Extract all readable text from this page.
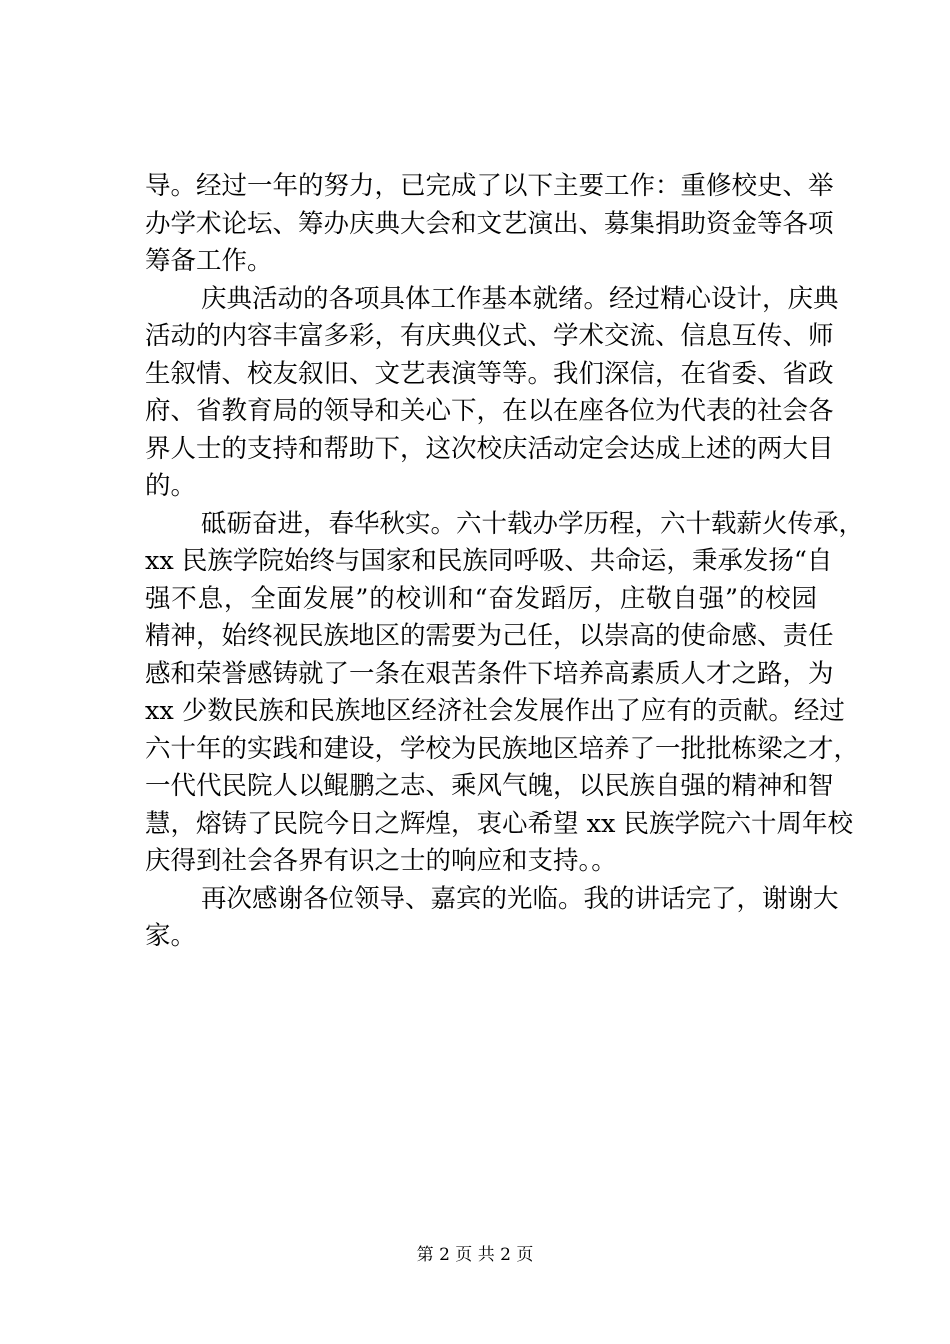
导。经过一年的努力，已完成了以下主要工作：重修校史、举
办学术论坛、筹办庆典大会和文艺演出、募集捐助资金等各项
筹备工作。
庆典活动的各项具体工作基本就绪。经过精心设计，庆典
活动的内容丰富多彩，有庆典仪式、学术交流、信息互传、师
生叙情、校友叙旧、文艺表演等等。我们深信，在省委、省政
府、省教育局的领导和关心下，在以在座各位为代表的社会各
界人士的支持和帮助下，这次校庆活动定会达成上述的两大目
的。
砥砺奋进，春华秋实。六十载办学历程，六十载薪火传承，
xx 民族学院始终与国家和民族同呼吸、共命运，秉承发扬“自
强不息，全面发展”的校训和“奋发蹈厉，庄敬自强”的校园
精神，始终视民族地区的需要为己任，以崇高的使命感、责任
感和荣誉感铸就了一条在艰苦条件下培养高素质人才之路，为
xx 少数民族和民族地区经济社会发展作出了应有的贡献。经过
六十年的实践和建设，学校为民族地区培养了一批批栋梁之才，
一代代民院人以鲲鹏之志、乘风气魄，以民族自强的精神和智
慧，熔铸了民院今日之辉煌，衷心希望 xx 民族学院六十周年校
庆得到社会各界有识之士的响应和支持。。
再次感谢各位领导、嘉宾的光临。我的讲话完了，谢谢大
家。
第 2 页 共 2 页
